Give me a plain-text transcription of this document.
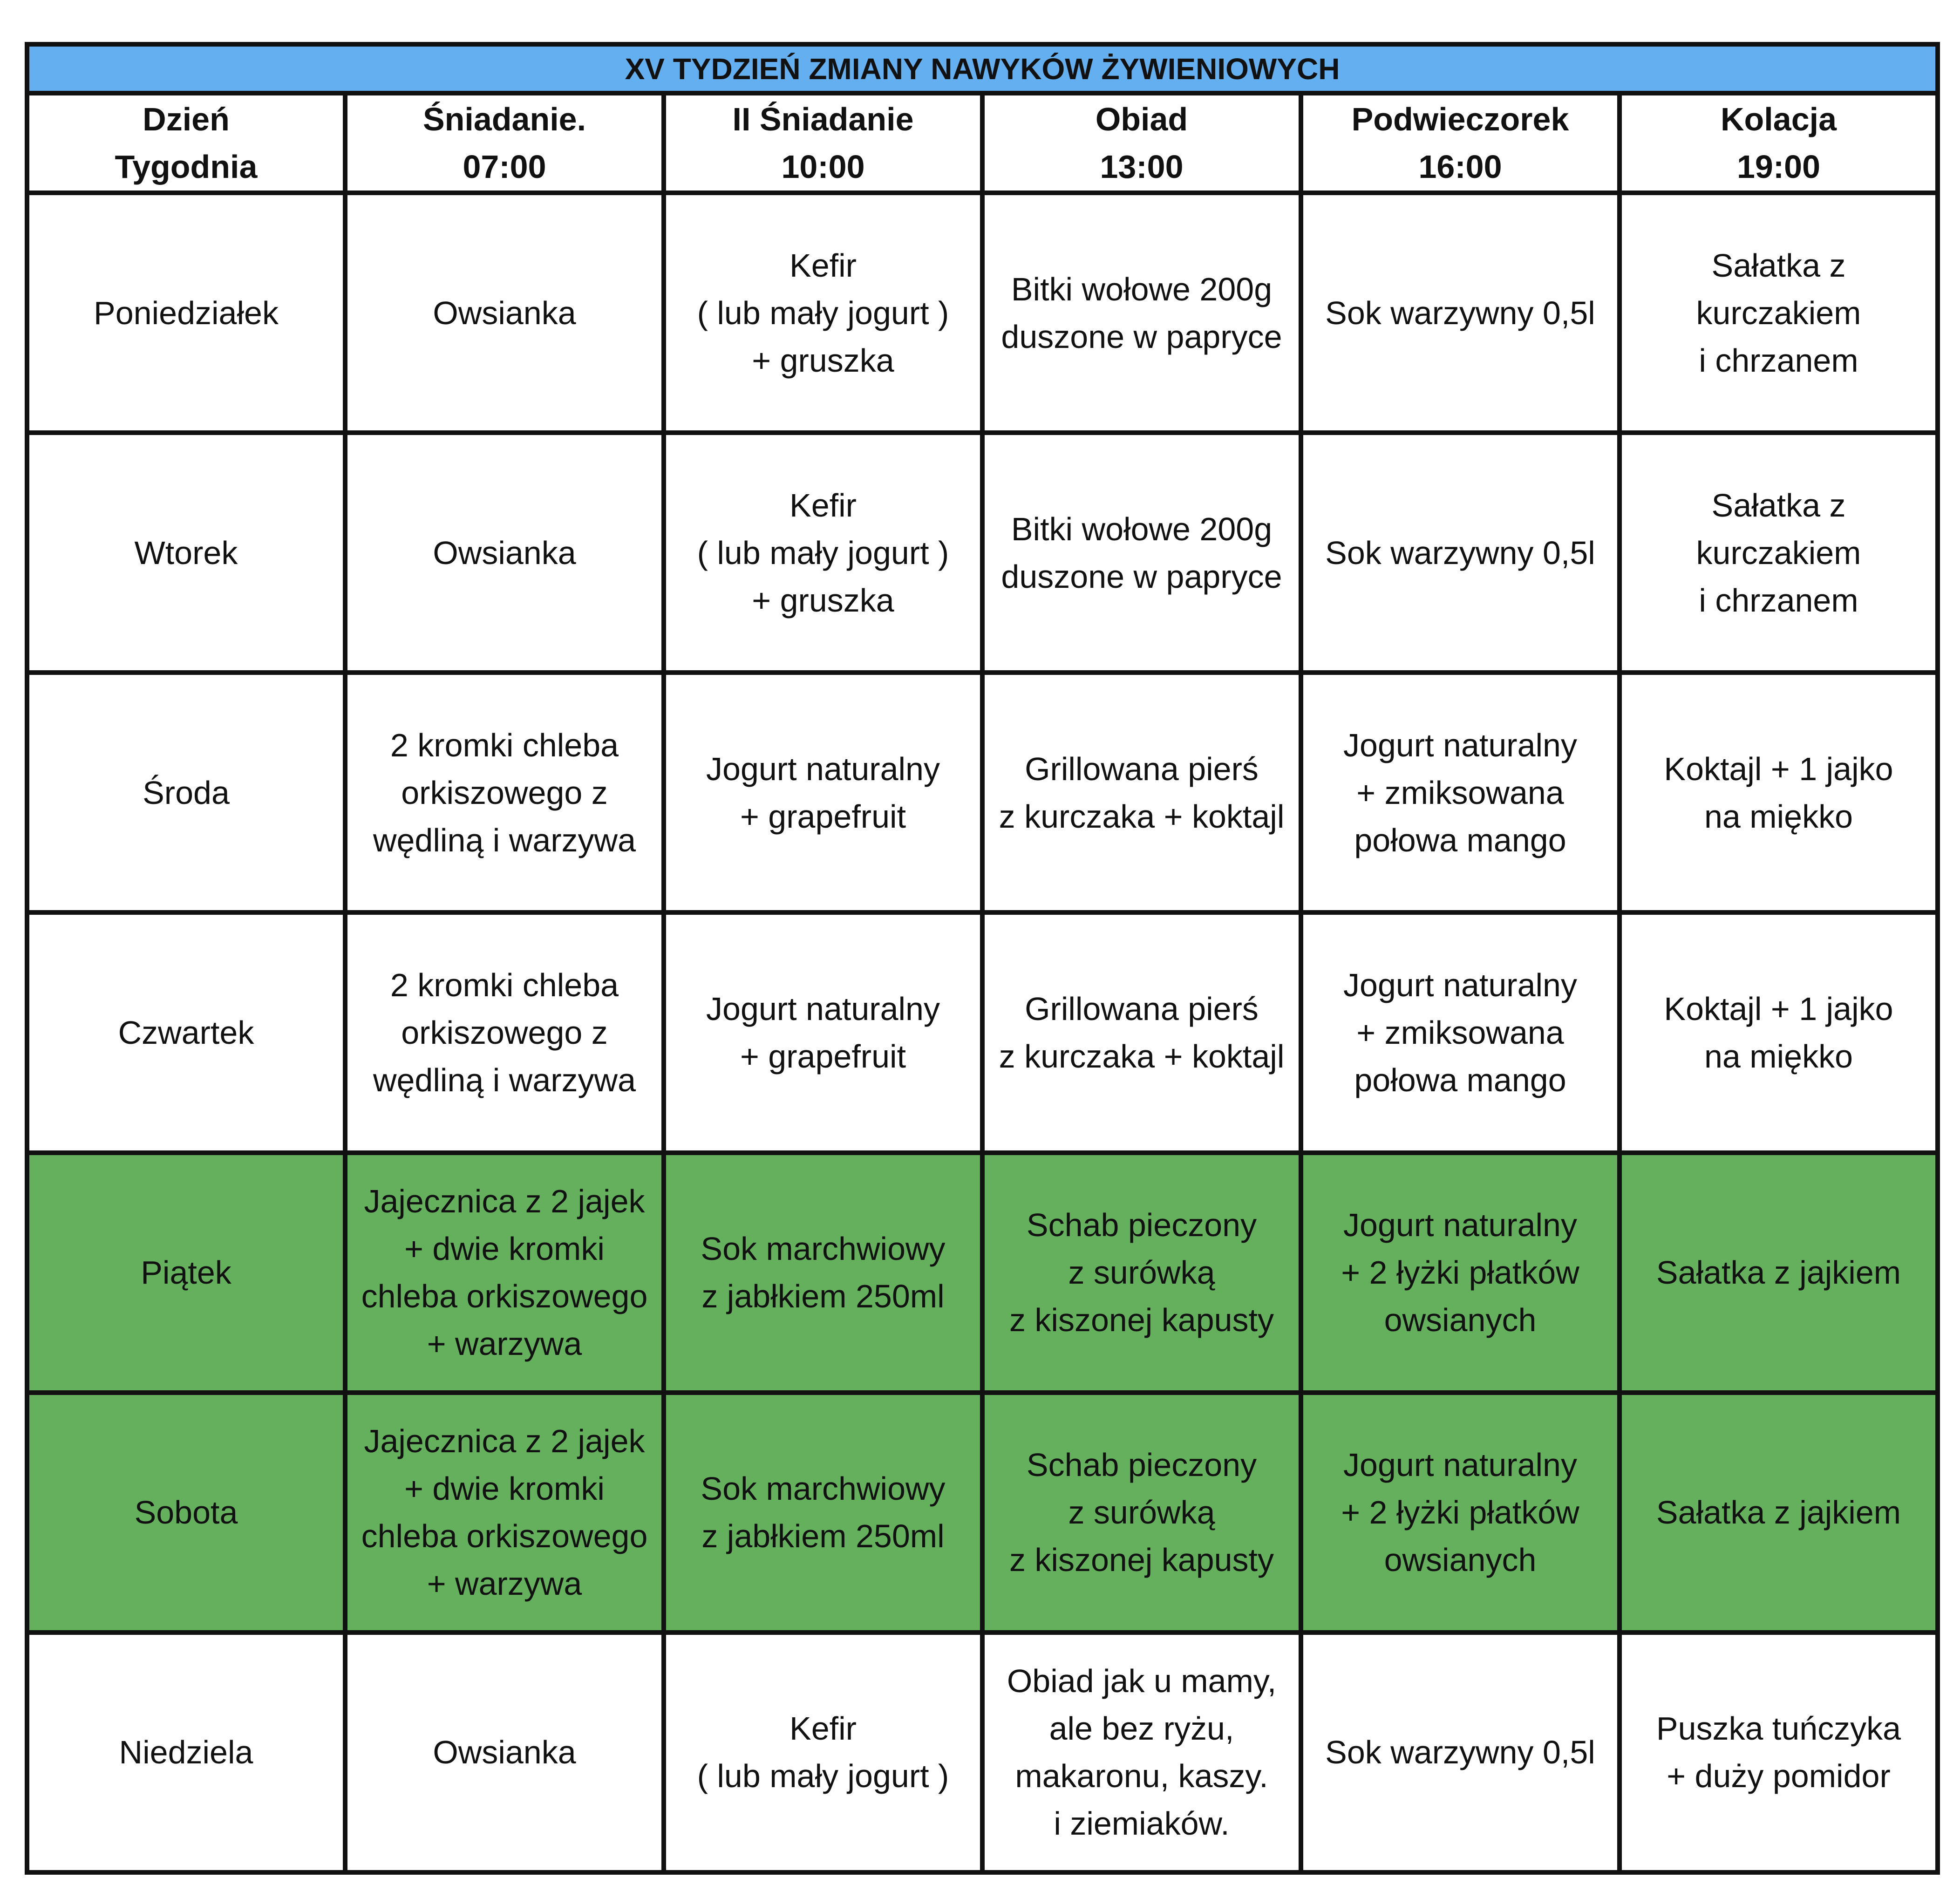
XV TYDZIEŃ ZMIANY NAWYKÓW ŻYWIENIOWYCH					

Dzień
Tygodnia	Śniadanie.
07:00	II Śniadanie
10:00	Obiad
13:00	Podwieczorek
16:00	Kolacja
19:00

Poniedziałek	Owsianka	Kefir
( lub mały jogurt )
+ gruszka	Bitki wołowe 200g
duszone w papryce	Sok warzywny 0,5l	Sałatka z
kurczakiem
i chrzanem

Wtorek	Owsianka	Kefir
( lub mały jogurt )
+ gruszka	Bitki wołowe 200g
duszone w papryce	Sok warzywny 0,5l	Sałatka z
kurczakiem
i chrzanem

Środa	2 kromki chleba
orkiszowego z
wędliną i warzywa	Jogurt naturalny
+ grapefruit	Grillowana pierś
z kurczaka + koktajl	Jogurt naturalny
+ zmiksowana
połowa mango	Koktajl + 1 jajko
na miękko

Czwartek	2 kromki chleba
orkiszowego z
wędliną i warzywa	Jogurt naturalny
+ grapefruit	Grillowana pierś
z kurczaka + koktajl	Jogurt naturalny
+ zmiksowana
połowa mango	Koktajl + 1 jajko
na miękko

Piątek	Jajecznica z 2 jajek
+ dwie kromki
chleba orkiszowego
+ warzywa	Sok marchwiowy
z jabłkiem 250ml	Schab pieczony
z surówką
z kiszonej kapusty	Jogurt naturalny
+ 2 łyżki płatków
owsianych	Sałatka z jajkiem

Sobota	Jajecznica z 2 jajek
+ dwie kromki
chleba orkiszowego
+ warzywa	Sok marchwiowy
z jabłkiem 250ml	Schab pieczony
z surówką
z kiszonej kapusty	Jogurt naturalny
+ 2 łyżki płatków
owsianych	Sałatka z jajkiem

Niedziela	Owsianka	Kefir
( lub mały jogurt )	Obiad jak u mamy,
ale bez ryżu,
makaronu, kaszy.
i ziemiaków.	Sok warzywny 0,5l	Puszka tuńczyka
+ duży pomidor
